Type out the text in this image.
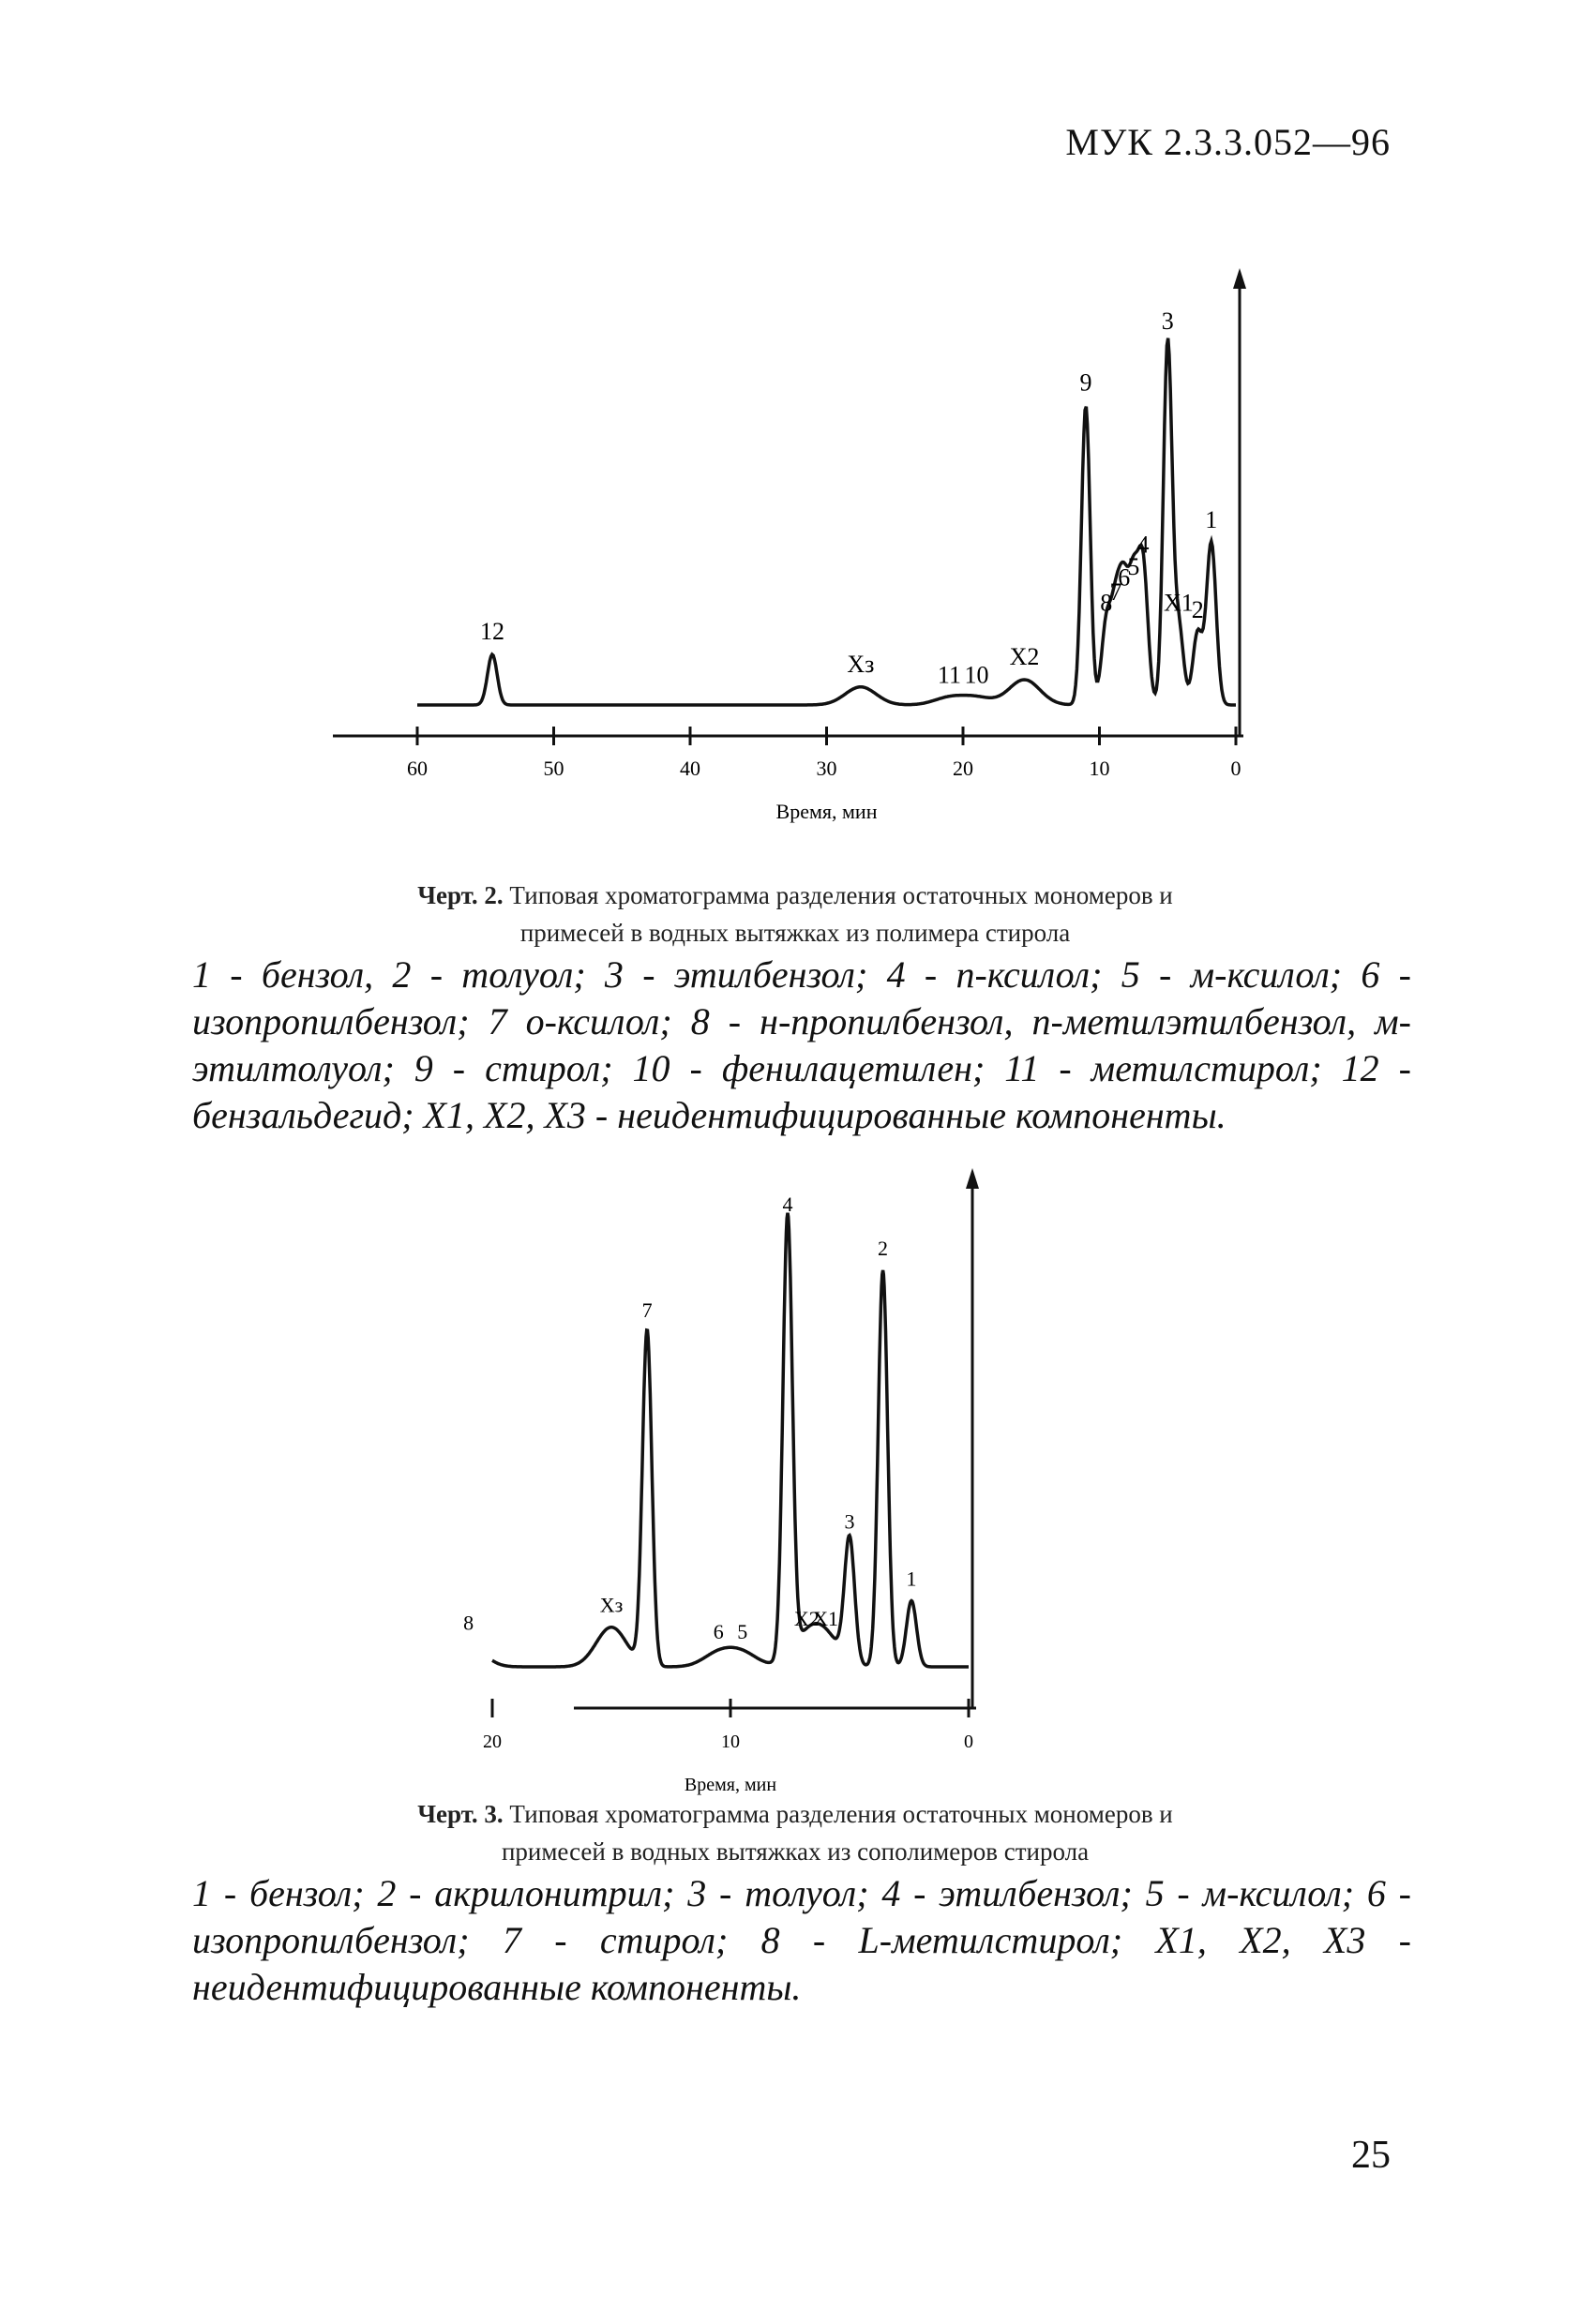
МУК 2.3.3.052—96
60	50	40	30	20	10	0
Время, мин
12
Xз	11 10
X2
9
8
7
6
5
4
3
X1
2
1
Черт. 2. Типовая хроматограмма разделения остаточных мономеров и
примесей в водных вытяжках из полимера стирола
1 - бензол, 2 - толуол; 3 - этилбензол; 4 - п-ксилол; 5 - м-ксилол; 6 - изопропилбензол; 7 о-ксилол; 8 - н-пропилбензол, п-метилэтилбензол, м-этилтолуол; 9 - стирол; 10 - фенилацетилен; 11 - метилстирол; 12 - бензальдегид; X1, X2, X3 - неидентифицированные компоненты.
20	10	0
Время, мин
8
Xз
7
6 5
4
X2
X1
3
2
1
Черт. 3. Типовая хроматограмма разделения остаточных мономеров и
примесей в водных вытяжках из сополимеров стирола
1 - бензол; 2 - акрилонитрил; 3 - толуол; 4 - этилбензол; 5 - м-ксилол; 6 - изопропилбензол; 7 - стирол; 8 - L-метилстирол; X1, X2, X3 - неидентифицированные компоненты.
25
